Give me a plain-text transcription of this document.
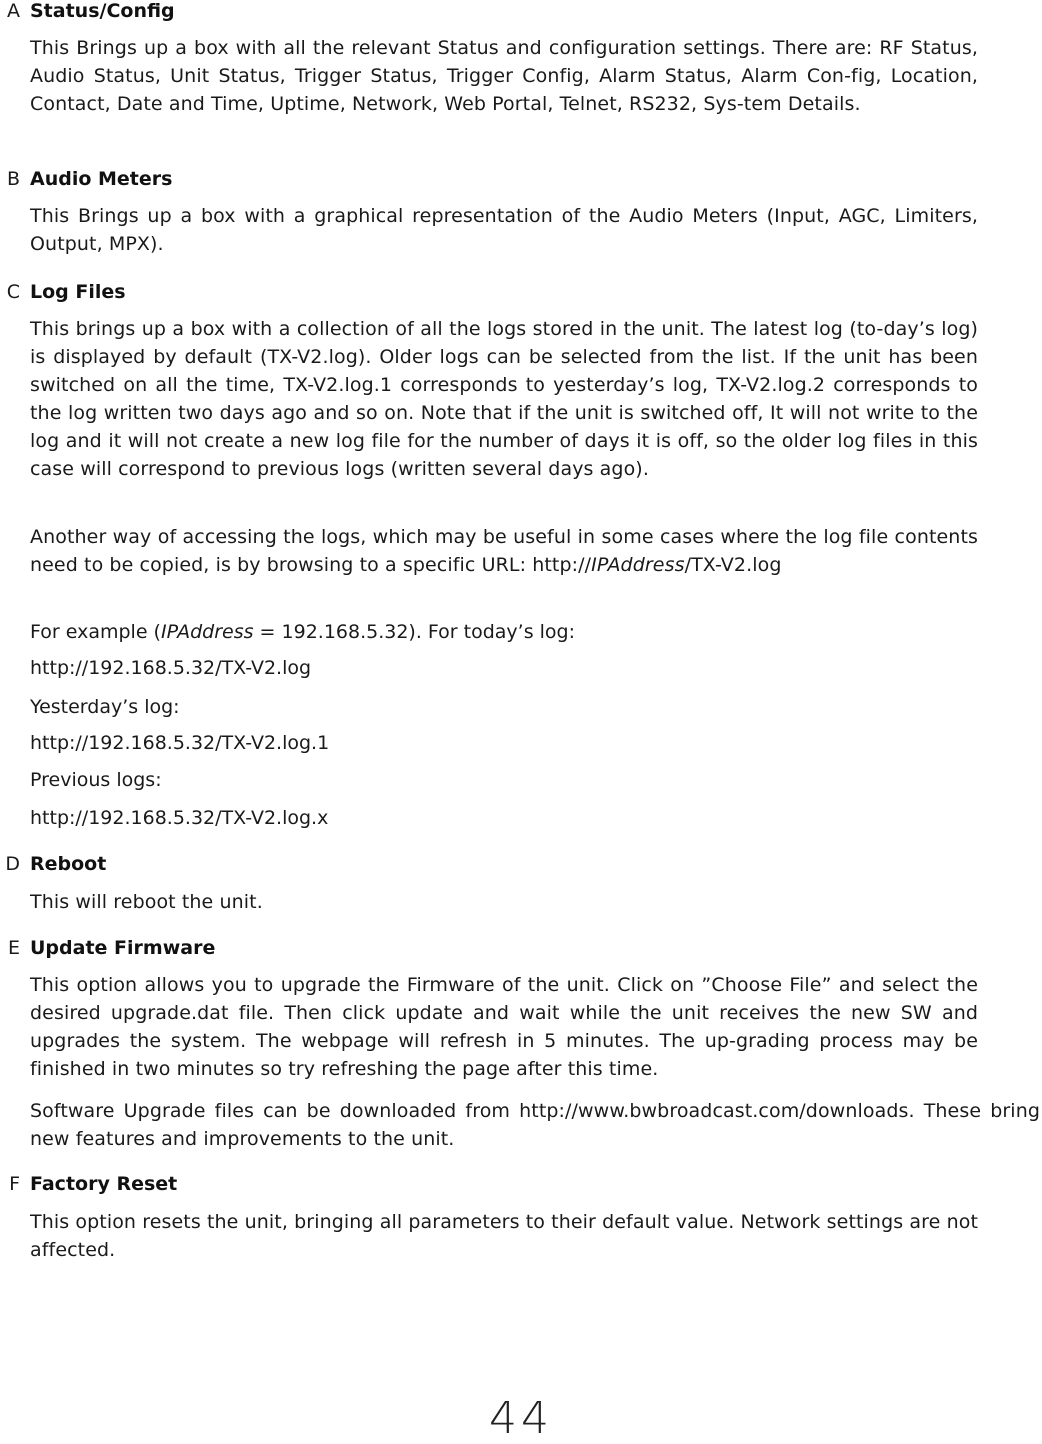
A Status/Config
This Brings up a box with all the relevant Status and configuration settings. There are: RF Status, Audio Status, Unit Status, Trigger Status, Trigger Config, Alarm Status, Alarm Con-fig, Location, Contact, Date and Time, Uptime, Network, Web Portal, Telnet, RS232, Sys-tem Details.
B Audio Meters
This Brings up a box with a graphical representation of the Audio Meters (Input, AGC, Limiters, Output, MPX).
C Log Files
This brings up a box with a collection of all the logs stored in the unit. The latest log (to-day’s log) is displayed by default (TX-V2.log). Older logs can be selected from the list. If the unit has been switched on all the time, TX-V2.log.1 corresponds to yesterday’s log, TX-V2.log.2 corresponds to the log written two days ago and so on. Note that if the unit is switched off, It will not write to the log and it will not create a new log file for the number of days it is off, so the older log files in this case will correspond to previous logs (written several days ago).
Another way of accessing the logs, which may be useful in some cases where the log file contents need to be copied, is by browsing to a specific URL: http://IPAddress/TX-V2.log
For example (IPAddress = 192.168.5.32). For today’s log:
http://192.168.5.32/TX-V2.log
Yesterday’s log:
http://192.168.5.32/TX-V2.log.1
Previous logs:
http://192.168.5.32/TX-V2.log.x
D Reboot
This will reboot the unit.
E Update Firmware
This option allows you to upgrade the Firmware of the unit. Click on ”Choose File” and select the desired upgrade.dat file. Then click update and wait while the unit receives the new SW and upgrades the system. The webpage will refresh in 5 minutes. The up-grading process may be finished in two minutes so try refreshing the page after this time.
Software Upgrade files can be downloaded from http://www.bwbroadcast.com/downloads. These bring new features and improvements to the unit.
F Factory Reset
This option resets the unit, bringing all parameters to their default value. Network settings are not affected.
44
